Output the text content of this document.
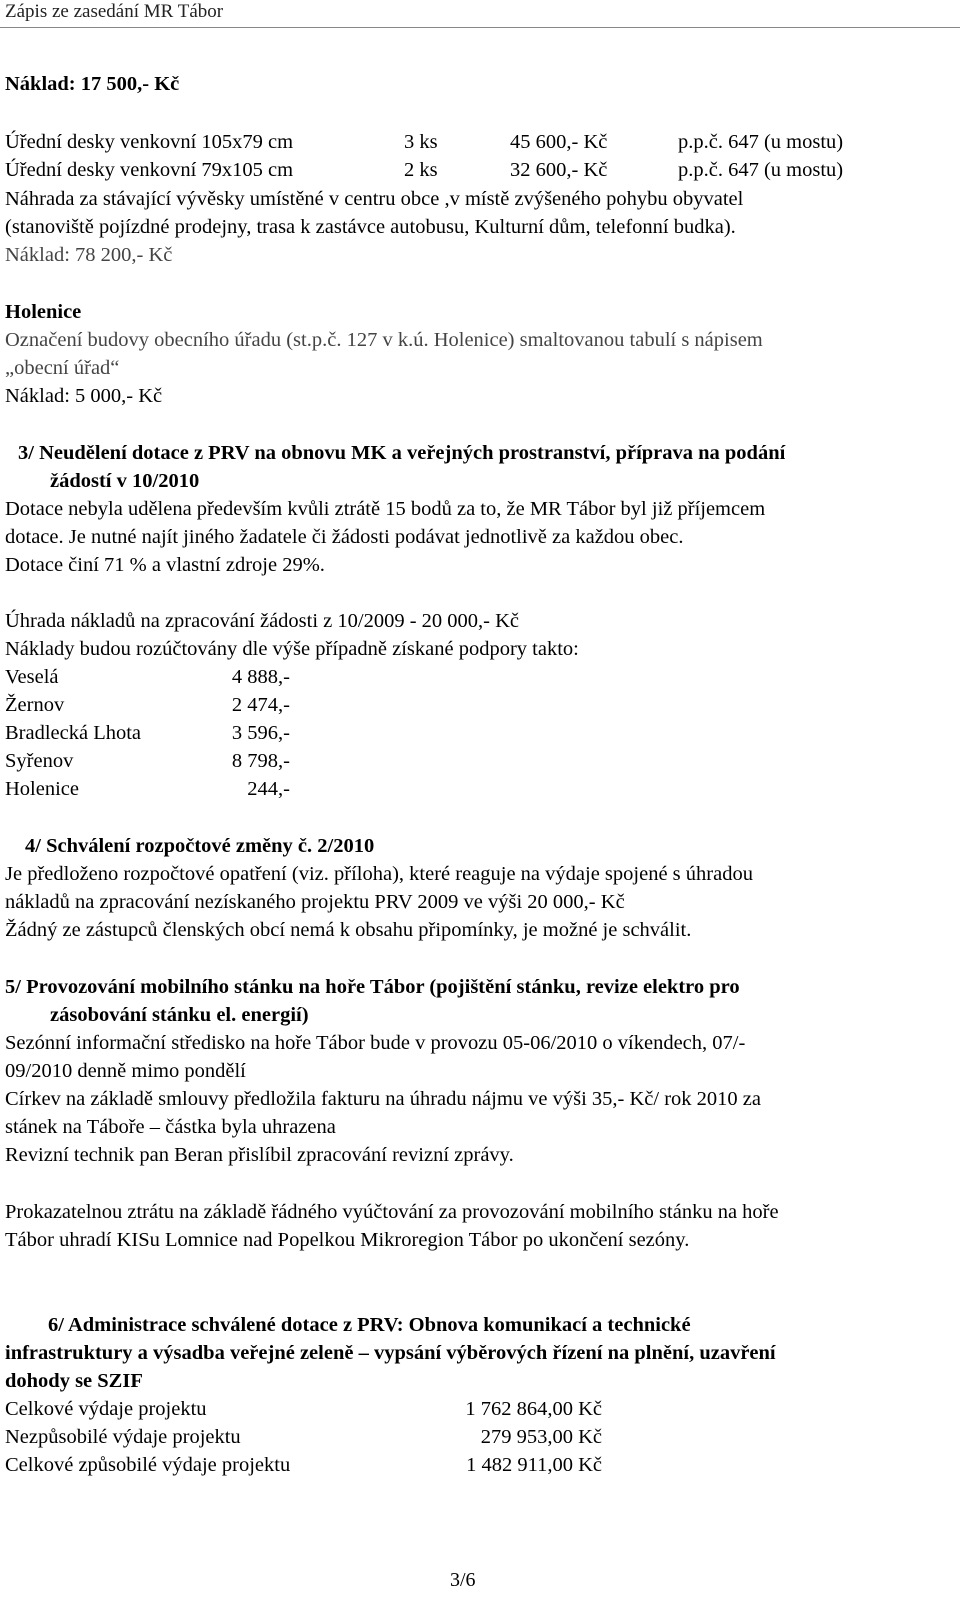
Zápis ze zasedání MR Tábor
Náklad: 17 500,- Kč
Úřední desky venkovní 105x79 cm	3 ks	45 600,- Kč	p.p.č. 647 (u mostu)
Úřední desky venkovní 79x105 cm	2 ks	32 600,- Kč	p.p.č. 647 (u mostu)
Náhrada za stávající vývěsky umístěné v centru obce ,v místě zvýšeného pohybu obyvatel
(stanoviště pojízdné prodejny, trasa k zastávce autobusu, Kulturní dům, telefonní budka).
Náklad: 78 200,- Kč
Holenice
Označení budovy obecního úřadu (st.p.č. 127 v k.ú. Holenice) smaltovanou tabulí s nápisem
„obecní úřad“
Náklad: 5 000,- Kč
3/ Neudělení dotace z PRV na obnovu MK a veřejných prostranství, příprava na podání
žádostí v 10/2010
Dotace nebyla udělena především kvůli ztrátě 15 bodů za to, že MR Tábor byl již příjemcem
dotace. Je nutné najít jiného žadatele či žádosti podávat jednotlivě za každou obec.
Dotace činí 71 % a vlastní zdroje 29%.
Úhrada nákladů na zpracování žádosti z 10/2009 - 20 000,- Kč
Náklady budou rozúčtovány dle výše případně získané podpory takto:
Veselá	4 888,-
Žernov	2 474,-
Bradlecká Lhota	3 596,-
Syřenov	8 798,-
Holenice	244,-
4/ Schválení rozpočtové změny č. 2/2010
Je předloženo rozpočtové opatření (viz. příloha), které reaguje na výdaje spojené s úhradou
nákladů na zpracování nezískaného projektu PRV 2009 ve výši 20 000,- Kč
Žádný ze zástupců členských obcí nemá k obsahu připomínky, je možné je schválit.
5/ Provozování mobilního stánku na hoře Tábor (pojištění stánku, revize elektro pro
zásobování stánku el. energií)
Sezónní informační středisko na hoře Tábor bude v provozu 05-06/2010 o víkendech, 07/-
09/2010 denně mimo pondělí
Církev na základě smlouvy předložila fakturu na úhradu nájmu ve výši 35,- Kč/ rok 2010 za
stánek na Táboře – částka byla uhrazena
Revizní technik pan Beran přislíbil zpracování revizní zprávy.
Prokazatelnou ztrátu na základě řádného vyúčtování za provozování mobilního stánku na hoře
Tábor uhradí KISu Lomnice nad Popelkou Mikroregion Tábor po ukončení sezóny.
6/ Administrace schválené dotace z PRV: Obnova komunikací a technické
infrastruktury a výsadba veřejné zeleně – vypsání výběrových řízení na plnění, uzavření
dohody se SZIF
Celkové výdaje projektu	1 762 864,00 Kč
Nezpůsobilé výdaje projektu	279 953,00 Kč
Celkové způsobilé výdaje projektu	1 482 911,00 Kč
3/6
